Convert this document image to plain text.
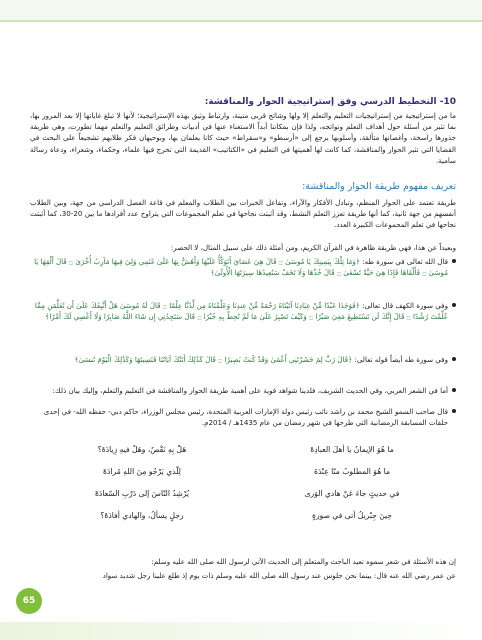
10- التخطيط الدرسي وفق إستراتيجية الحوار والمناقشة:
ما من إستراتيجية من إستراتيجيات التعليم والتعلم إلا ولها وشائج قربى متينة، وارتباط وثيق بهذه الإستراتيجية؛ لأنها لا تبلغ غاياتها إلا بعد المرور بها، بما تثير من أسئلة حول أهداف التعلم ونواتجه، ولذا فإن بمكاننا أبداً الاستغناء عنها في أدبيات وطرائق التعليم والتعلم مهما تطورت، وهي طريقة جذورها راسخة، وأغصانها متألقة، وأسلوبها يرجع إلى «أرسطو» و«سقراط» حيث كانا يعلمان بها، وبوحيهان فكر طلابهم تشجيعاً على البحث في القضايا التي تثير الحوار والمناقشة، كما كانت لها أهميتها في التعليم في «الكتاتيب» القديمة التي تخرج فيها علماء، وحكماء، وشعراء، ودعاة رسالة سامية.
تعريف مفهوم طريقة الحوار والمناقشة:
طريقة تعتمد على الحوار المنظم، وتبادل الأفكار والآراء، وتفاعل الخبرات بين الطلاب والمعلم في قاعة الفصل الدراسي من جهة، وبين الطلاب أنفسهم من جهة ثانية، كما أنها طريقة تعزز التعلم النشط، وقد أثبتت نجاحها في تعلم المجموعات التي يتراوح عدد أفرادها ما بين 20-30، كما أثبتت نجاحها في تعلم المجموعات الكبيرة العدد.
وبعيداً عن هذا، فهي طريقة ظاهرة في القرآن الكريم، ومن أمثلة ذلك على سبيل المثال، لا الحصر:
قال الله تعالى في سورة طه: ﴿وَمَا تِلْكَ بِيَمِينِكَ يَا مُوسَىٰ ۝ قَالَ هِيَ عَصَايَ أَتَوَكَّأُ عَلَيْهَا وَأَهُشُّ بِهَا عَلَىٰ غَنَمِي وَلِيَ فِيهَا مَآرِبُ أُخْرَىٰ ۝ قَالَ أَلْقِهَا يَا مُوسَىٰ ۝ فَأَلْقَاهَا فَإِذَا هِيَ حَيَّةٌ تَسْعَىٰ ۝ قَالَ خُذْهَا وَلَا تَخَفْ سَنُعِيدُهَا سِيرَتَهَا الْأُولَىٰ﴾
وفي سورة الكهف قال تعالى: ﴿فَوَجَدَا عَبْدًا مِّنْ عِبَادِنَا آتَيْنَاهُ رَحْمَةً مِّنْ عِندِنَا وَعَلَّمْنَاهُ مِن لَّدُنَّا عِلْمًا ۝ قَالَ لَهُ مُوسَىٰ هَلْ أَتَّبِعُكَ عَلَىٰ أَن تُعَلِّمَنِ مِمَّا عُلِّمْتَ رُشْدًا ۝ قَالَ إِنَّكَ لَن تَسْتَطِيعَ مَعِيَ صَبْرًا ۝ وَكَيْفَ تَصْبِرُ عَلَىٰ مَا لَمْ تُحِطْ بِهِ خُبْرًا ۝ قَالَ سَتَجِدُنِي إِن شَاءَ اللَّهُ صَابِرًا وَلَا أَعْصِي لَكَ أَمْرًا﴾
وفي سورة طه أيضاً قوله تعالى: ﴿قَالَ رَبِّ لِمَ حَشَرْتَنِي أَعْمَىٰ وَقَدْ كُنتُ بَصِيرًا ۝ قَالَ كَذَٰلِكَ أَتَتْكَ آيَاتُنَا فَنَسِيتَهَا وَكَذَٰلِكَ الْيَوْمَ تُنسَىٰ﴾
أما في الشعر العربي، وفي الحديث الشريف، فلدينا شواهد قوية على أهمية طريقة الحوار والمناقشة في التعليم والتعلم، وإليك بيان ذلك:
قال صاحب السمو الشيخ محمد بن راشد نائب رئيس دولة الإمارات العربية المتحدة، رئيس مجلس الوزراء، حاكم دبي- حفظه الله- في إحدى حلقات المسابقة الرمضانية التي طرحها في شهر رمضان من عام 1435هـ / 2014م.
ما هُوَ الإيمانُ يا أهلَ العبادِهْ
هَلْ بِهِ نَقْصٌ، وهَلْ فيهِ زِيادَهْ؟
ما هُوَ المطلوبُ منّا عِنْدَهُ
لِلّذي يَرْجُو مِنَ اللهِ مُرادَهْ
في حديثٍ جاءَ عَنْ هادي الوَرى
يُرْشِدُ النّاسَ إلى دَرْبِ السّعادَهْ
حِينَ جِبْريلُ أتى في صورةٍ
رجلٍ يسألُ، والهادي أفادَهْ؟
إن هذه الأسئلة في شعر سموه تعيد الباحث والمتعلم إلى الحديث الآتي لرسول الله صلى الله عليه وسلم:
عن عمر رضي الله عنه قال: بينما نحن جلوس عند رسول الله صلى الله عليه وسلم ذات يوم إذ طلع علينا رجل شديد سواد
65
